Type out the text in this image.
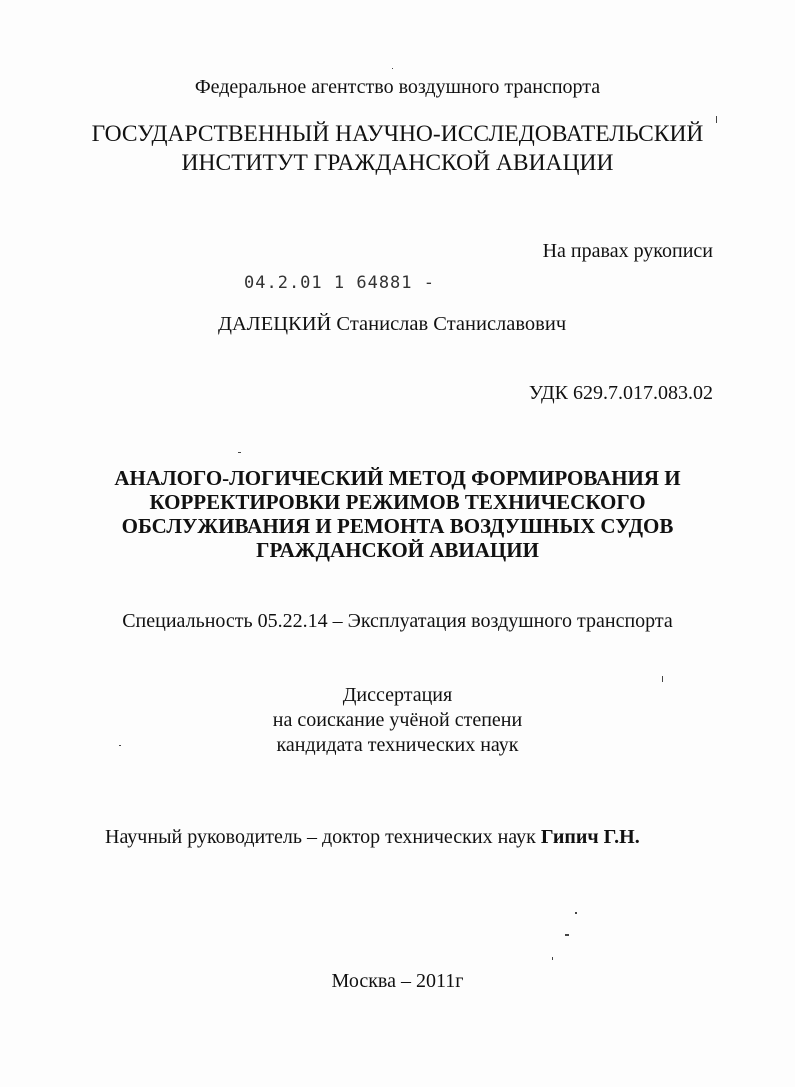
Федеральное агентство воздушного транспорта
ГОСУДАРСТВЕННЫЙ НАУЧНО-ИССЛЕДОВАТЕЛЬСКИЙ
ИНСТИТУТ ГРАЖДАНСКОЙ АВИАЦИИ
На правах рукописи
04.2.01 1 64881 -
ДАЛЕЦКИЙ Станислав Станиславович
УДК 629.7.017.083.02
АНАЛОГО-ЛОГИЧЕСКИЙ МЕТОД ФОРМИРОВАНИЯ И
КОРРЕКТИРОВКИ РЕЖИМОВ ТЕХНИЧЕСКОГО
ОБСЛУЖИВАНИЯ И РЕМОНТА ВОЗДУШНЫХ СУДОВ
ГРАЖДАНСКОЙ АВИАЦИИ
Специальность 05.22.14 – Эксплуатация воздушного транспорта
Диссертация
на соискание учёной степени
кандидата технических наук
Научный руководитель – доктор технических наук Гипич Г.Н.
Москва – 2011г
